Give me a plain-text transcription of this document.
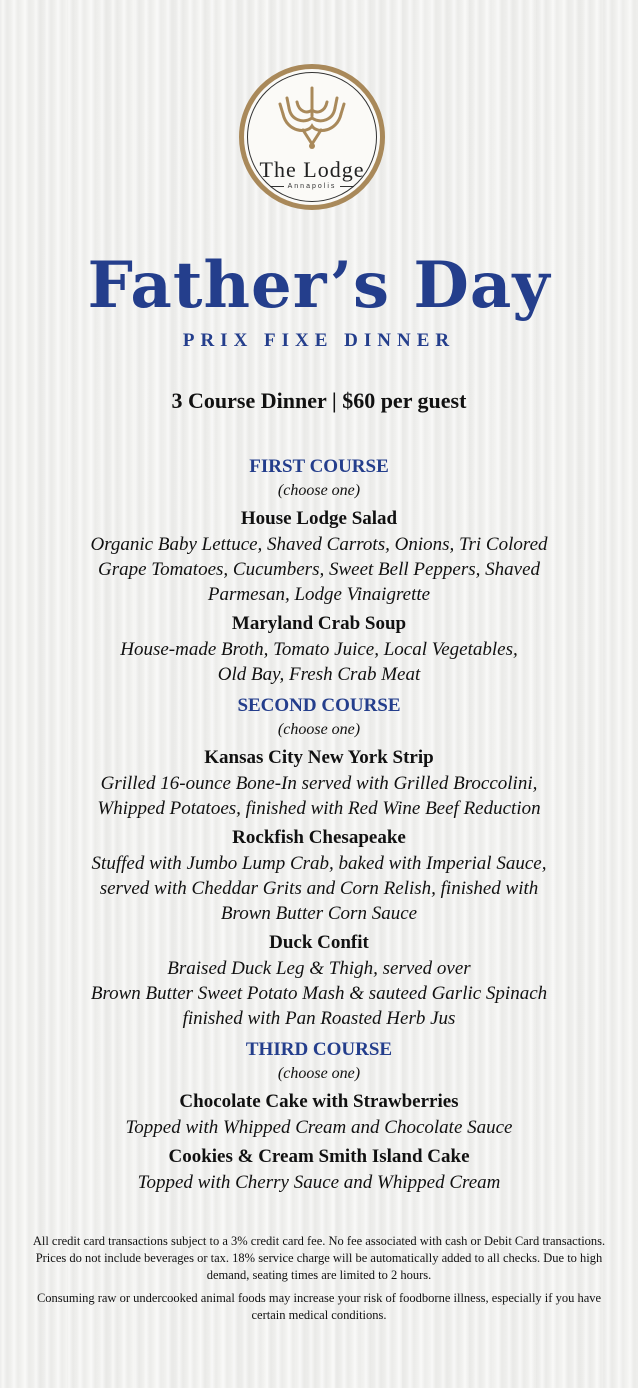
The Lodge
Annapolis
Father’s Day
PRIX FIXE DINNER
3 Course Dinner | $60 per guest
FIRST COURSE
(choose one)
House Lodge Salad
Organic Baby Lettuce, Shaved Carrots, Onions, Tri Colored
Grape Tomatoes, Cucumbers, Sweet Bell Peppers, Shaved
Parmesan, Lodge Vinaigrette
Maryland Crab Soup
House-made Broth, Tomato Juice, Local Vegetables,
Old Bay, Fresh Crab Meat
SECOND COURSE
(choose one)
Kansas City New York Strip
Grilled 16-ounce Bone-In served with Grilled Broccolini,
Whipped Potatoes, finished with Red Wine Beef Reduction
Rockfish Chesapeake
Stuffed with Jumbo Lump Crab, baked with Imperial Sauce,
served with Cheddar Grits and Corn Relish, finished with
Brown Butter Corn Sauce
Duck Confit
Braised Duck Leg & Thigh, served over
Brown Butter Sweet Potato Mash & sauteed Garlic Spinach
finished with Pan Roasted Herb Jus
THIRD COURSE
(choose one)
Chocolate Cake with Strawberries
Topped with Whipped Cream and Chocolate Sauce
Cookies & Cream Smith Island Cake
Topped with Cherry Sauce and Whipped Cream

All credit card transactions subject to a 3% credit card fee. No fee associated with cash or Debit Card transactions. Prices do not include beverages or tax. 18% service charge will be automatically added to all checks. Due to high demand, seating times are limited to 2 hours.

Consuming raw or undercooked animal foods may increase your risk of foodborne illness, especially if you have certain medical conditions.
